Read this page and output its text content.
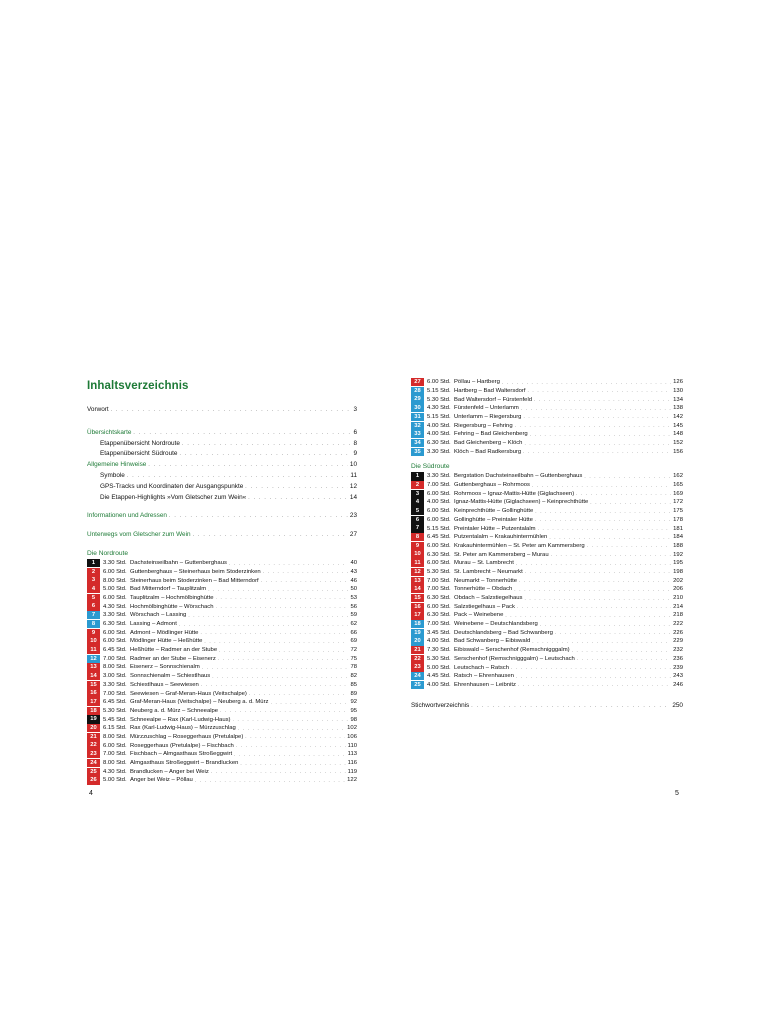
Inhaltsverzeichnis
Vorwort . . .	3
Übersichtskarte . . .	6
Etappenübersicht Nordroute . . .	8
Etappenübersicht Südroute . . .	9
Allgemeine Hinweise . . .	10
Symbole . . .	11
GPS-Tracks und Koordinaten der Ausgangspunkte . . .	12
Die Etappen-Highlights »Vom Gletscher zum Wein« . . .	14
Informationen und Adressen . . .	23
Unterwegs vom Gletscher zum Wein . . .	27
Die Nordroute
1	3.30 Std. Dachsteinseilbahn – Guttenberghaus . . .	40
2	6.00 Std. Guttenberghaus – Steinerhaus beim Stoderzinken . . .	43
3	8.00 Std. Steinerhaus beim Stoderzinken – Bad Mitterndorf . . .	46
4	5.00 Std. Bad Mitterndorf – Tauplitzalm . . .	50
5	6.00 Std. Tauplitzalm – Hochmölbinghütte . . .	53
6	4.30 Std. Hochmölbinghütte – Wörschach . . .	56
7	3.30 Std. Wörschach – Lassing . . .	59
8	6.30 Std. Lassing – Admont . . .	62
9	6.00 Std. Admont – Mödlinger Hütte . . .	66
10	6.00 Std. Mödlinger Hütte – Heßhütte . . .	69
11	6.45 Std. Heßhütte – Radmer an der Stube . . .	72
12	7.00 Std. Radmer an der Stube – Eisenerz . . .	75
13	8.00 Std. Eisenerz – Sonnschienalm . . .	78
14	3.00 Std. Sonnschienalm – Schiestlhaus . . .	82
15	3.30 Std. Schiestlhaus – Seewiesen . . .	85
16	7.00 Std. Seewiesen – Graf-Meran-Haus (Veitschalpe) . . .	89
17	6.45 Std. Graf-Meran-Haus (Veitschalpe) – Neuberg a. d. Mürz . . .	92
18	5.30 Std. Neuberg a. d. Mürz – Schneealpe . . .	95
19	5.45 Std. Schneealpe – Rax (Karl-Ludwig-Haus) . . .	98
20	6.15 Std. Rax (Karl-Ludwig-Haus) – Mürzzuschlag . . .	102
21	8.00 Std. Mürzzuschlag – Roseggerhaus (Pretulalpe) . . .	106
22	6.00 Std. Roseggerhaus (Pretulalpe) – Fischbach . . .	110
23	7.00 Std. Fischbach – Almgasthaus Stroßeggwirt . . .	113
24	8.00 Std. Almgasthaus Stroßeggwirt – Brandlucken . . .	116
25	4.30 Std. Brandlucken – Anger bei Weiz . . .	119
26	5.00 Std. Anger bei Weiz – Pöllau . . .	122
27	6.00 Std. Pöllau – Hartberg . . .	126
28	5.15 Std. Hartberg – Bad Waltersdorf . . .	130
29	5.30 Std. Bad Waltersdorf – Fürstenfeld . . .	134
30	4.30 Std. Fürstenfeld – Unterlamm . . .	138
31	5.15 Std. Unterlamm – Riegersburg . . .	142
32	4.00 Std. Riegersburg – Fehring . . .	145
33	4.00 Std. Fehring – Bad Gleichenberg . . .	148
34	6.30 Std. Bad Gleichenberg – Klöch . . .	152
35	3.30 Std. Klöch – Bad Radkersburg . . .	156
Die Südroute
1	3.30 Std. Bergstation Dachsteinseilbahn – Guttenberghaus . . .	162
2	7.00 Std. Guttenberghaus – Rohrmoos . . .	165
3	6.00 Std. Rohrmoos – Ignaz-Mattis-Hütte (Giglachseen) . . .	169
4	4.00 Std. Ignaz-Mattis-Hütte (Giglachseen) – Keinprechthütte . . .	172
5	6.00 Std. Keinprechthütte – Gollinghütte . . .	175
6	6.00 Std. Gollinghütte – Preintaler Hütte . . .	178
7	5.15 Std. Preintaler Hütte – Putzentalalm . . .	181
8	6.45 Std. Putzentalalm – Krakauhintermühlen . . .	184
9	6.00 Std. Krakauhintermühlen – St. Peter am Kammersberg . . .	188
10	6.30 Std. St. Peter am Kammersberg – Murau . . .	192
11	6.00 Std. Murau – St. Lambrecht . . .	195
12	5.30 Std. St. Lambrecht – Neumarkt . . .	198
13	7.00 Std. Neumarkt – Tonnerhütte . . .	202
14	7.00 Std. Tonnerhütte – Obdach . . .	206
15	6.30 Std. Obdach – Salzstiegelhaus . . .	210
16	6.00 Std. Salzstiegelhaus – Pack . . .	214
17	6.30 Std. Pack – Weinebene . . .	218
18	7.00 Std. Weinebene – Deutschlandsberg . . .	222
19	3.45 Std. Deutschlandsberg – Bad Schwanberg . . .	226
20	4.00 Std. Bad Schwanberg – Eibiswald . . .	229
21	7.30 Std. Eibiswald – Serschenhof (Remschnigggalm) . . .	232
22	5.30 Std. Serschenhof (Remschnigggalm) – Leutschach . . .	236
23	5.00 Std. Leutschach – Ratsch . . .	239
24	4.45 Std. Ratsch – Ehrenhausen . . .	243
25	4.00 Std. Ehrenhausen – Leibnitz . . .	246
Stichwortverzeichnis . . .	250
4	5
